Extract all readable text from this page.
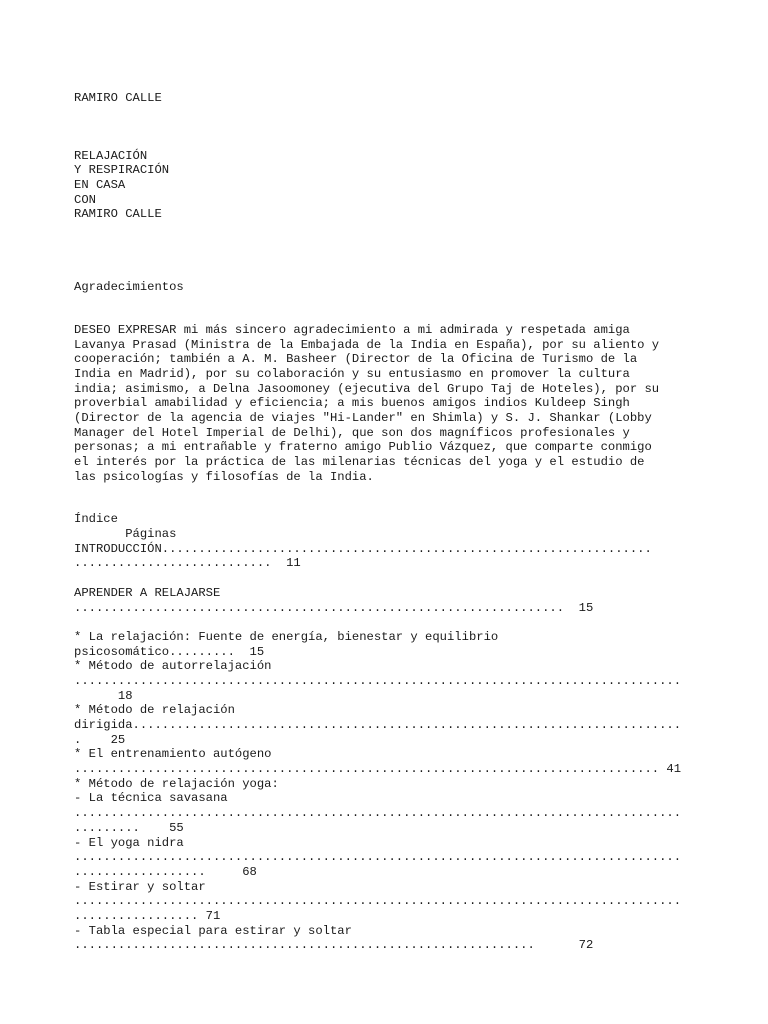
RAMIRO CALLE
RELAJACIÓN
Y RESPIRACIÓN
EN CASA
CON
RAMIRO CALLE
Agradecimientos
DESEO EXPRESAR mi más sincero agradecimiento a mi admirada y respetada amiga
Lavanya Prasad (Ministra de la Embajada de la India en España), por su aliento y
cooperación; también a A. M. Basheer (Director de la Oficina de Turismo de la
India en Madrid), por su colaboración y su entusiasmo en promover la cultura
india; asimismo, a Delna Jasoomoney (ejecutiva del Grupo Taj de Hoteles), por su
proverbial amabilidad y eficiencia; a mis buenos amigos indios Kuldeep Singh
(Director de la agencia de viajes "Hi-Lander" en Shimla) y S. J. Shankar (Lobby
Manager del Hotel Imperial de Delhi), que son dos magníficos profesionales y
personas; a mi entrañable y fraterno amigo Publio Vázquez, que comparte conmigo
el interés por la práctica de las milenarias técnicas del yoga y el estudio de
las psicologías y filosofías de la India.
Índice
Páginas
INTRODUCCIÓN...................................................................
...........................  11
APRENDER A RELAJARSE
...................................................................  15
* La relajación: Fuente de energía, bienestar y equilibrio
psicosomático.........  15
* Método de autorrelajación
...................................................................................
18
* Método de relajación
dirigida...........................................................................
.    25
* El entrenamiento autógeno
................................................................................ 41
* Método de relajación yoga:
- La técnica savasana
...................................................................................
.........    55
- El yoga nidra
...................................................................................
..................     68
- Estirar y soltar
...................................................................................
................. 71
- Tabla especial para estirar y soltar
...............................................................      72
